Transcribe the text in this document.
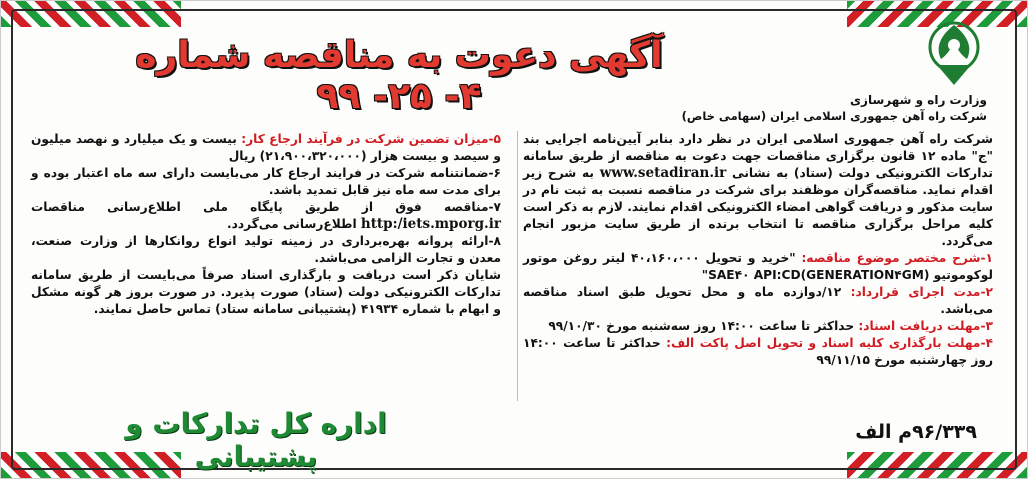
وزارت راه و شهرسازی
شرکت راه آهن جمهوری اسلامی ایران (سهامی خاص)
آگهی دعوت به مناقصه شماره ۴- ۲۵- ۹۹

شرکت راه آهن جمهوری اسلامی ایران در نظر دارد بنابر آیین‌نامه اجرایی بند "ج" ماده ۱۲ قانون برگزاری مناقصات جهت دعوت به مناقصه از طریق سامانه تدارکات الکترونیکی دولت (ستاد) به نشانی www.setadiran.ir به شرح زیر اقدام نماید. مناقصه‌گران موظفند برای شرکت در مناقصه نسبت به ثبت نام در سایت مذکور و دریافت گواهی امضاء الکترونیکی اقدام نمایند. لازم به ذکر است کلیه مراحل برگزاری مناقصه تا انتخاب برنده از طریق سایت مزبور انجام می‌گردد.

۱-شرح مختصر موضوع مناقصه: "خرید و تحویل ۴۰،۱۶۰،۰۰۰ لیتر روغن موتور لوکوموتیو (SAE۴۰ API:CD(GENERATION۴GM"

۲-مدت اجرای قرارداد: ۱۲/دوازده ماه و محل تحویل طبق اسناد مناقصه می‌باشد.

۳-مهلت دریافت اسناد: حداکثر تا ساعت ۱۴:۰۰ روز سه‌شنبه مورخ ۹۹/۱۰/۳۰

۴-مهلت بارگذاری کلیه اسناد و تحویل اصل پاکت الف: حداکثر تا ساعت ۱۴:۰۰ روز چهارشنبه مورخ ۹۹/۱۱/۱۵

۵-میزان تضمین شرکت در فرآیند ارجاع کار: بیست و یک میلیارد و نهصد میلیون و سیصد و بیست هزار (۲۱،۹۰۰،۳۲۰،۰۰۰) ریال

۶-ضمانتنامه شرکت در فرایند ارجاع کار می‌بایست دارای سه ماه اعتبار بوده و برای مدت سه ماه نیز قابل تمدید باشد.

۷-مناقصه فوق از طریق پایگاه ملی اطلاع‌رسانی مناقصات http:/iets.mporg.ir اطلاع‌رسانی می‌گردد.

۸-ارائه پروانه بهره‌برداری در زمینه تولید انواع روانکارها از وزارت صنعت، معدن و تجارت الزامی می‌باشد.

شایان ذکر است دریافت و بارگذاری اسناد صرفاً می‌بایست از طریق سامانه تدارکات الکترونیکی دولت (ستاد) صورت پذیرد. در صورت بروز هر گونه مشکل و ابهام با شماره ۴۱۹۳۴ (پشتیبانی سامانه ستاد) تماس حاصل نمایند.

اداره کل تدارکات و پشتیبانی
۹۶/۳۳۹م الف
